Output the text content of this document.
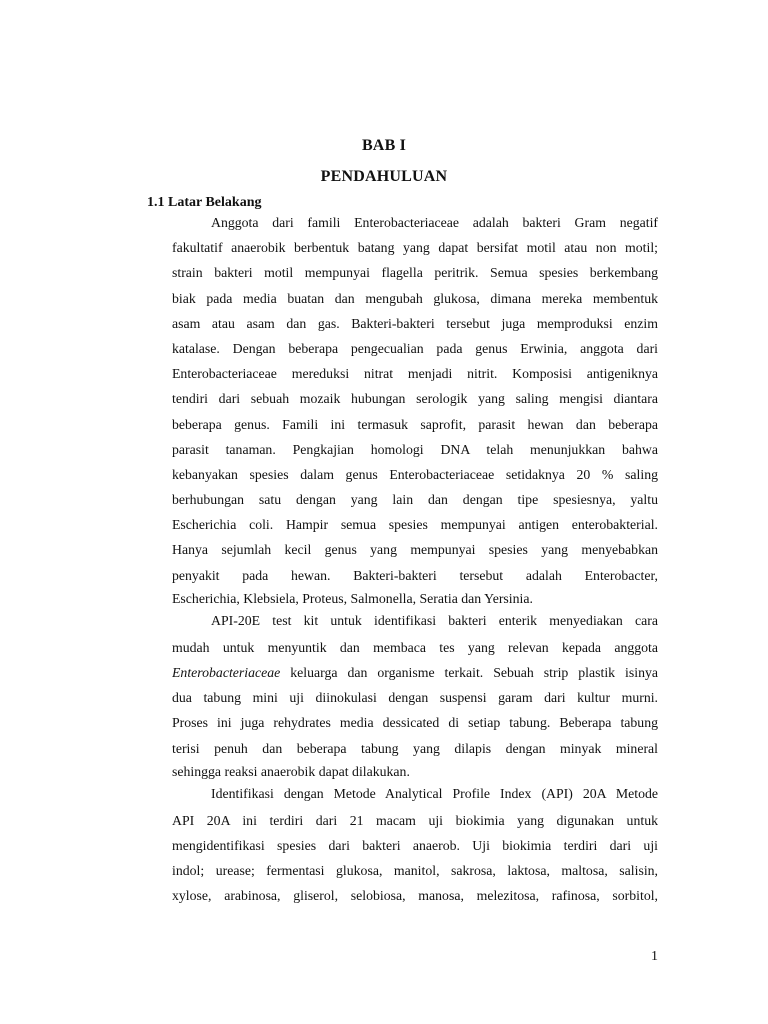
BAB I
PENDAHULUAN
1.1 Latar Belakang
Anggota dari famili Enterobacteriaceae adalah bakteri Gram negatif
fakultatif anaerobik berbentuk batang yang dapat bersifat motil atau non motil;
strain bakteri motil mempunyai flagella peritrik. Semua spesies berkembang
biak pada media buatan dan mengubah glukosa, dimana mereka membentuk
asam atau asam dan gas. Bakteri-bakteri tersebut juga memproduksi enzim
katalase. Dengan beberapa pengecualian pada genus Erwinia, anggota dari
Enterobacteriaceae mereduksi nitrat menjadi nitrit. Komposisi antigeniknya
tendiri dari sebuah mozaik hubungan serologik yang saling mengisi diantara
beberapa genus. Famili ini termasuk saprofit, parasit hewan dan beberapa
parasit tanaman. Pengkajian homologi DNA telah menunjukkan bahwa
kebanyakan spesies dalam genus Enterobacteriaceae setidaknya 20 % saling
berhubungan satu dengan yang lain dan dengan tipe spesiesnya, yaltu
Escherichia coli. Hampir semua spesies mempunyai antigen enterobakterial.
Hanya sejumlah kecil genus yang mempunyai spesies yang menyebabkan
penyakit pada hewan. Bakteri-bakteri tersebut adalah Enterobacter,
Escherichia, Klebsiela, Proteus, Salmonella, Seratia dan Yersinia.
API-20E test kit untuk identifikasi bakteri enterik menyediakan cara
mudah untuk menyuntik dan membaca tes yang relevan kepada anggota
Enterobacteriaceae keluarga dan organisme terkait. Sebuah strip plastik isinya
dua tabung mini uji diinokulasi dengan suspensi garam dari kultur murni.
Proses ini juga rehydrates media dessicated di setiap tabung. Beberapa tabung
terisi penuh dan beberapa tabung yang dilapis dengan minyak mineral
sehingga reaksi anaerobik dapat dilakukan.
Identifikasi dengan Metode Analytical Profile Index (API) 20A Metode
API 20A ini terdiri dari 21 macam uji biokimia yang digunakan untuk
mengidentifikasi spesies dari bakteri anaerob. Uji biokimia terdiri dari uji
indol; urease; fermentasi glukosa, manitol, sakrosa, laktosa, maltosa, salisin,
xylose, arabinosa, gliserol, selobiosa, manosa, melezitosa, rafinosa, sorbitol,
1
